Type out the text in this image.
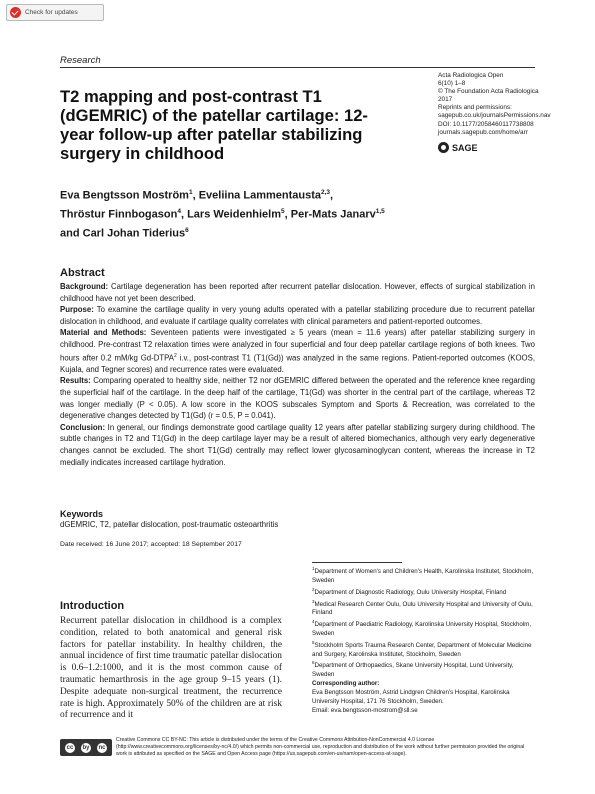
Check for updates
Research
T2 mapping and post-contrast T1 (dGEMRIC) of the patellar cartilage: 12-year follow-up after patellar stabilizing surgery in childhood
Acta Radiologica Open
6(10) 1–8
© The Foundation Acta Radiologica
2017
Reprints and permissions:
sagepub.co.uk/journalsPermissions.nav
DOI: 10.1177/2058460117738808
journals.sagepub.com/home/arr
SAGE
Eva Bengtsson Moström$^1$, Eveliina Lammentausta$^{2,3}$,
Thröstur Finnbogason$^4$, Lars Weidenhielm$^5$, Per-Mats Janarv$^{1,5}$
and Carl Johan Tiderius$^6$
Abstract

Background: Cartilage degeneration has been reported after recurrent patellar dislocation. However, effects of surgical stabilization in childhood have not yet been described.

Purpose: To examine the cartilage quality in very young adults operated with a patellar stabilizing procedure due to recurrent patellar dislocation in childhood, and evaluate if cartilage quality correlates with clinical parameters and patient-reported outcomes.

Material and Methods: Seventeen patients were investigated ≥ 5 years (mean = 11.6 years) after patellar stabilizing surgery in childhood. Pre-contrast T2 relaxation times were analyzed in four superficial and four deep patellar cartilage regions of both knees. Two hours after 0.2 mM/kg Gd-DTPA$^2$ i.v., post-contrast T1 (T1(Gd)) was analyzed in the same regions. Patient-reported outcomes (KOOS, Kujala, and Tegner scores) and recurrence rates were evaluated.

Results: Comparing operated to healthy side, neither T2 nor dGEMRIC differed between the operated and the reference knee regarding the superficial half of the cartilage. In the deep half of the cartilage, T1(Gd) was shorter in the central part of the cartilage, whereas T2 was longer medially (P < 0.05). A low score in the KOOS subscales Symptom and Sports & Recreation, was correlated to the degenerative changes detected by T1(Gd) (r = 0.5, P = 0.041).

Conclusion: In general, our findings demonstrate good cartilage quality 12 years after patellar stabilizing surgery during childhood. The subtle changes in T2 and T1(Gd) in the deep cartilage layer may be a result of altered biomechanics, although very early degenerative changes cannot be excluded. The short T1(Gd) centrally may reflect lower glycosaminoglycan content, whereas the increase in T2 medially indicates increased cartilage hydration.

Keywords
dGEMRIC, T2, patellar dislocation, post-traumatic osteoarthritis
Date received: 16 June 2017; accepted: 18 September 2017
Introduction
Recurrent patellar dislocation in childhood is a complex condition, related to both anatomical and general risk factors for patellar instability. In healthy children, the annual incidence of first time traumatic patellar dislocation is 0.6–1.2:1000, and it is the most common cause of traumatic hemarthrosis in the age group 9–15 years (1). Despite adequate non-surgical treatment, the recurrence rate is high. Approximately 50% of the children are at risk of recurrence and it

$^1$Department of Women's and Children's Health, Karolinska Institutet, Stockholm, Sweden

$^2$Department of Diagnostic Radiology, Oulu University Hospital, Finland

$^3$Medical Research Center Oulu, Oulu University Hospital and University of Oulu, Finland

$^4$Department of Paediatric Radiology, Karolinska University Hospital, Stockholm, Sweden

$^5$Stockholm Sports Trauma Research Center, Department of Molecular Medicine and Surgery, Karolinska Institutet, Stockholm, Sweden

$^6$Department of Orthopaedics, Skane University Hospital, Lund University, Sweden

Corresponding author:

Eva Bengtsson Moström, Astrid Lindgren Children's Hospital, Karolinska University Hospital, 171 76 Stockholm, Sweden.

Email: eva.bengtsson-mostrom@sll.se

cc by nc
Creative Commons CC BY-NC: This article is distributed under the terms of the Creative Commons Attribution-NonCommercial 4.0 License (http://www.creativecommons.org/licenses/by-nc/4.0/) which permits non-commercial use, reproduction and distribution of the work without further permission provided the original work is attributed as specified on the SAGE and Open Access page (https://us.sagepub.com/en-us/nam/open-access-at-sage).
